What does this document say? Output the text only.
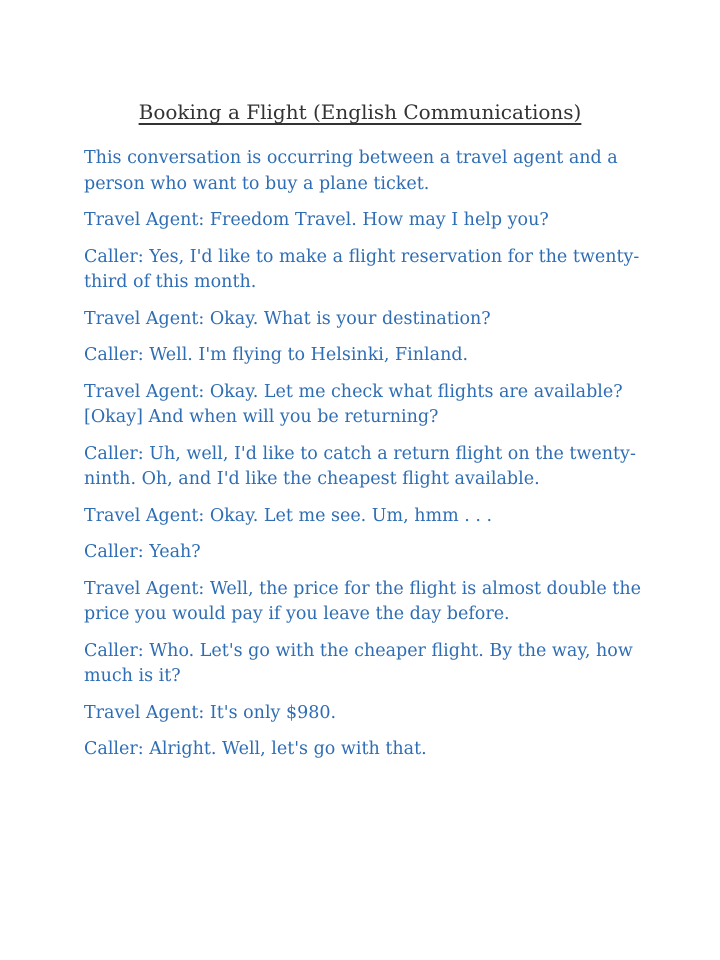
Booking a Flight (English Communications)

This conversation is occurring between a travel agent and a person who want to buy a plane ticket.

Travel Agent: Freedom Travel. How may I help you?

Caller: Yes, I'd like to make a flight reservation for the twenty-third of this month.

Travel Agent: Okay. What is your destination?

Caller: Well. I'm flying to Helsinki, Finland.

Travel Agent: Okay. Let me check what flights are available? [Okay] And when will you be returning?

Caller: Uh, well, I'd like to catch a return flight on the twenty-ninth. Oh, and I'd like the cheapest flight available.

Travel Agent: Okay. Let me see. Um, hmm . . .

Caller: Yeah?

Travel Agent: Well, the price for the flight is almost double the price you would pay if you leave the day before.

Caller: Who. Let's go with the cheaper flight. By the way, how much is it?

Travel Agent: It's only $980.

Caller: Alright. Well, let's go with that.
